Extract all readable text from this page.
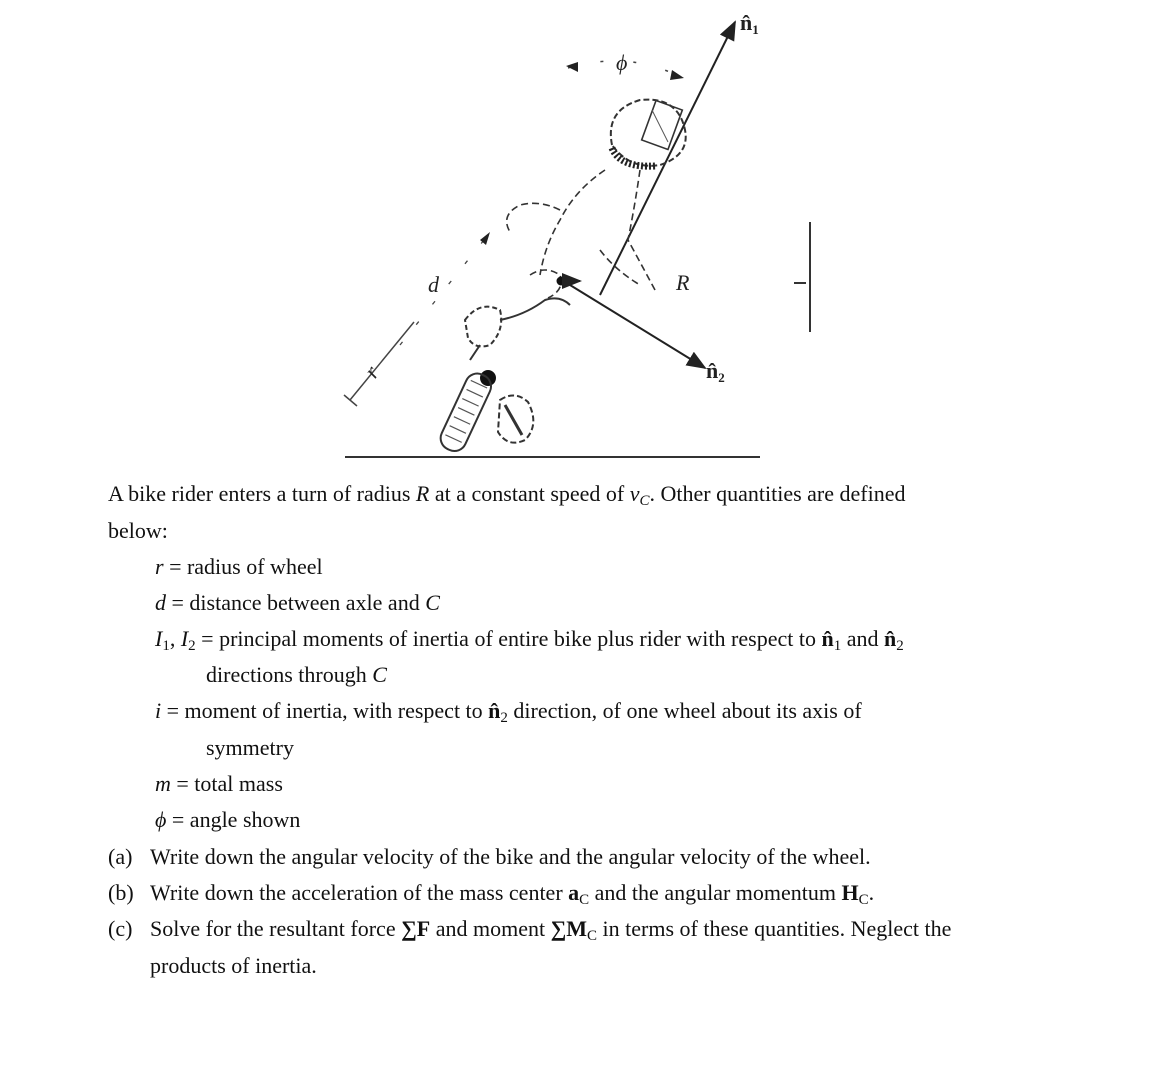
ϕ
d
r
R
n̂1
n̂2
A bike rider enters a turn of radius R at a constant speed of $v_C$. Other quantities are defined
below:
r = radius of wheel
d = distance between axle and C
$I_1$, $I_2$ = principal moments of inertia of entire bike plus rider with respect to $n̂_1$ and $n̂_2$
directions through C
i = moment of inertia, with respect to $n̂_2$ direction, of one wheel about its axis of
symmetry
m = total mass
ϕ = angle shown
(a) Write down the angular velocity of the bike and the angular velocity of the wheel.
(b) Write down the acceleration of the mass center $a_C$ and the angular momentum $H_C$.
(c) Solve for the resultant force ∑F and moment $\sum M_C$ in terms of these quantities. Neglect the
products of inertia.
